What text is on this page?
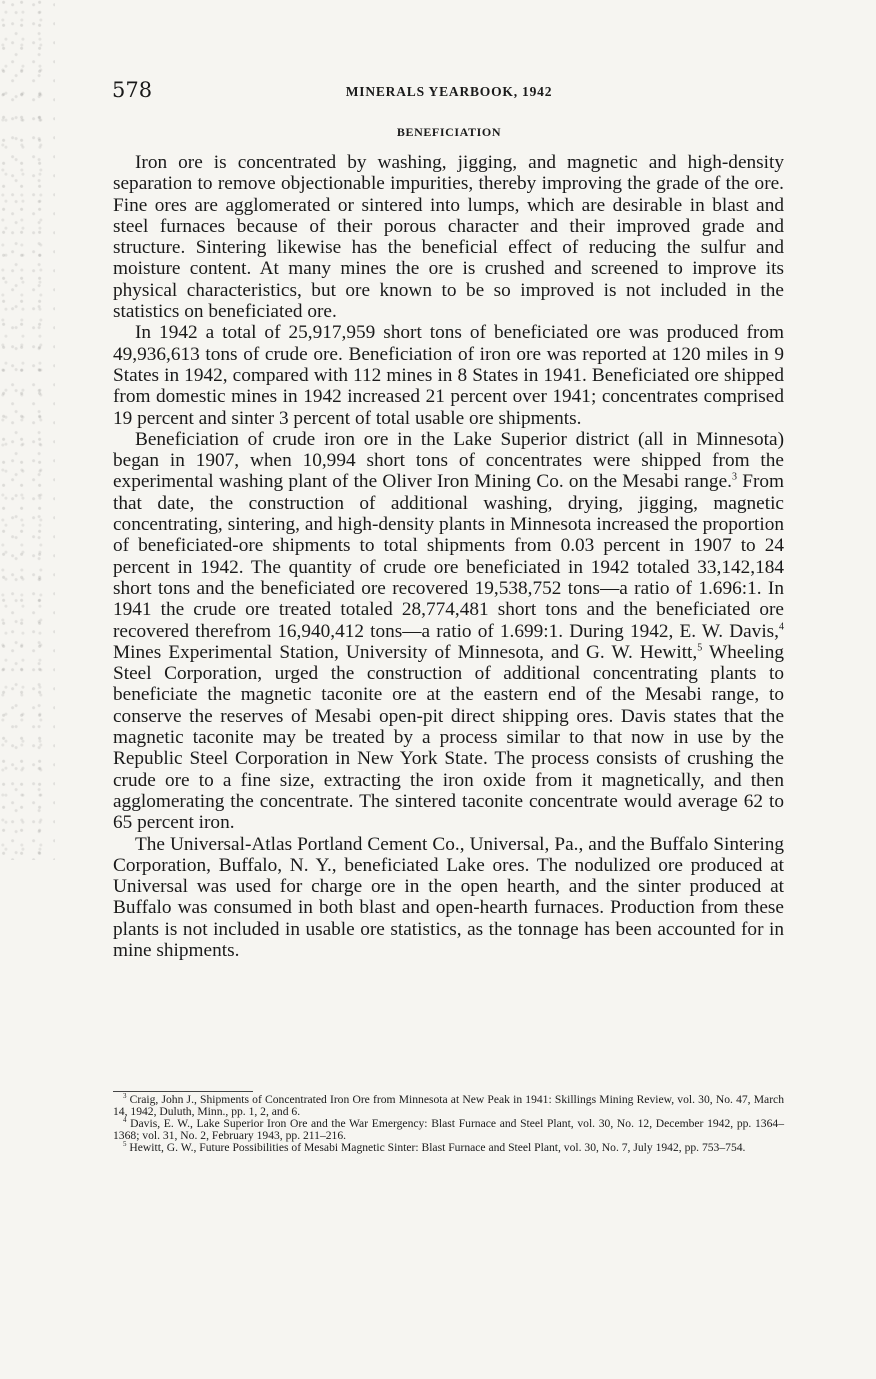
578	MINERALS YEARBOOK, 1942
BENEFICIATION

Iron ore is concentrated by washing, jigging, and magnetic and high-density separation to remove objectionable impurities, thereby improving the grade of the ore. Fine ores are agglomerated or sintered into lumps, which are desirable in blast and steel furnaces because of their porous character and their improved grade and structure. Sintering likewise has the beneficial effect of reducing the sulfur and moisture content. At many mines the ore is crushed and screened to improve its physical characteristics, but ore known to be so improved is not included in the statistics on beneficiated ore.

In 1942 a total of 25,917,959 short tons of beneficiated ore was produced from 49,936,613 tons of crude ore. Beneficiation of iron ore was reported at 120 miles in 9 States in 1942, compared with 112 mines in 8 States in 1941. Beneficiated ore shipped from domestic mines in 1942 increased 21 percent over 1941; concentrates comprised 19 percent and sinter 3 percent of total usable ore shipments.

Beneficiation of crude iron ore in the Lake Superior district (all in Minnesota) began in 1907, when 10,994 short tons of concentrates were shipped from the experimental washing plant of the Oliver Iron Mining Co. on the Mesabi range.$^3$ From that date, the construction of additional washing, drying, jigging, magnetic concentrating, sintering, and high-density plants in Minnesota increased the proportion of beneficiated-ore shipments to total shipments from 0.03 percent in 1907 to 24 percent in 1942. The quantity of crude ore beneficiated in 1942 totaled 33,142,184 short tons and the beneficiated ore recovered 19,538,752 tons—a ratio of 1.696:1. In 1941 the crude ore treated totaled 28,774,481 short tons and the beneficiated ore recovered therefrom 16,940,412 tons—a ratio of 1.699:1. During 1942, E. W. Davis,$^4$ Mines Experimental Station, University of Minnesota, and G. W. Hewitt,$^5$ Wheeling Steel Corporation, urged the construction of additional concentrating plants to beneficiate the magnetic taconite ore at the eastern end of the Mesabi range, to conserve the reserves of Mesabi open-pit direct shipping ores. Davis states that the magnetic taconite may be treated by a process similar to that now in use by the Republic Steel Corporation in New York State. The process consists of crushing the crude ore to a fine size, extracting the iron oxide from it magnetically, and then agglomerating the concentrate. The sintered taconite concentrate would average 62 to 65 percent iron.

The Universal-Atlas Portland Cement Co., Universal, Pa., and the Buffalo Sintering Corporation, Buffalo, N. Y., beneficiated Lake ores. The nodulized ore produced at Universal was used for charge ore in the open hearth, and the sinter produced at Buffalo was consumed in both blast and open-hearth furnaces. Production from these plants is not included in usable ore statistics, as the tonnage has been accounted for in mine shipments.

$^3$ Craig, John J., Shipments of Concentrated Iron Ore from Minnesota at New Peak in 1941: Skillings Mining Review, vol. 30, No. 47, March 14, 1942, Duluth, Minn., pp. 1, 2, and 6.

$^4$ Davis, E. W., Lake Superior Iron Ore and the War Emergency: Blast Furnace and Steel Plant, vol. 30, No. 12, December 1942, pp. 1364–1368; vol. 31, No. 2, February 1943, pp. 211–216.

$^5$ Hewitt, G. W., Future Possibilities of Mesabi Magnetic Sinter: Blast Furnace and Steel Plant, vol. 30, No. 7, July 1942, pp. 753–754.
